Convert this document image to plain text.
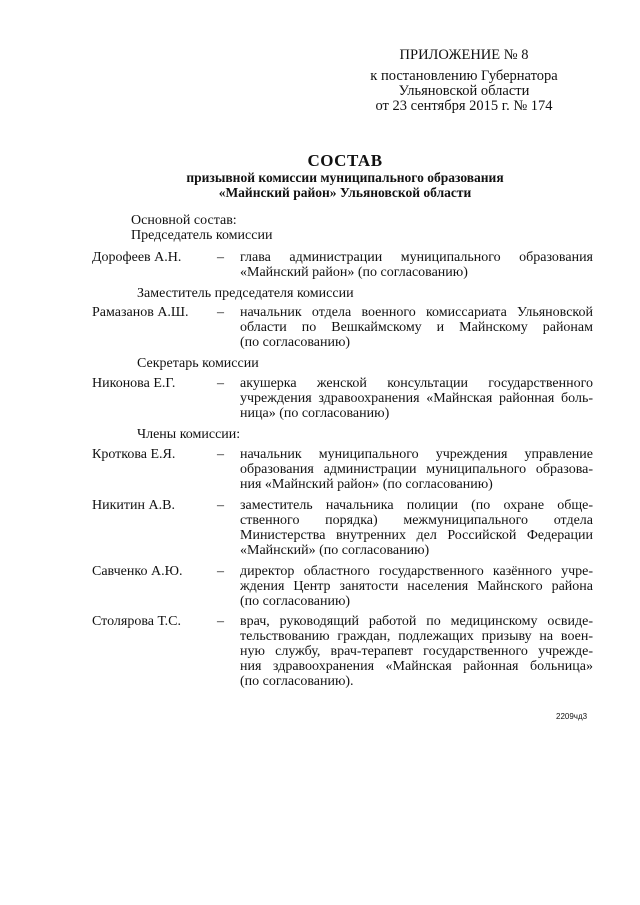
ПРИЛОЖЕНИЕ № 8
к постановлению Губернатора
Ульяновской области
от 23 сентября 2015 г. № 174
СОСТАВ
призывной комиссии муниципального образования
«Майнский район» Ульяновской области
Основной состав:
Председатель комиссии
Дорофеев А.Н.	– глава администрации муниципального образования
«Майнский район» (по согласованию)
Заместитель председателя комиссии
Рамазанов А.Ш. – начальник отдела военного комиссариата Ульяновской
области по Вешкаймскому и Майнскому районам
(по согласованию)
Секретарь комиссии
Никонова Е.Г.	– акушерка женской консультации государственного
учреждения здравоохранения «Майнская районная боль-
ница» (по согласованию)
Члены комиссии:
Кроткова Е.Я.	– начальник муниципального учреждения управление
образования администрации муниципального образова-
ния «Майнский район» (по согласованию)
Никитин А.В.	– заместитель начальника полиции (по охране обще-
ственного порядка) межмуниципального отдела
Министерства внутренних дел Российской Федерации
«Майнский» (по согласованию)
Савченко А.Ю. – директор областного государственного казённого учре-
ждения Центр занятости населения Майнского района
(по согласованию)
Столярова Т.С.	– врач, руководящий работой по медицинскому освиде-
тельствованию граждан, подлежащих призыву на воен-
ную службу, врач-терапевт государственного учрежде-
ния здравоохранения «Майнская районная больница»
(по согласованию).
2209чд3
